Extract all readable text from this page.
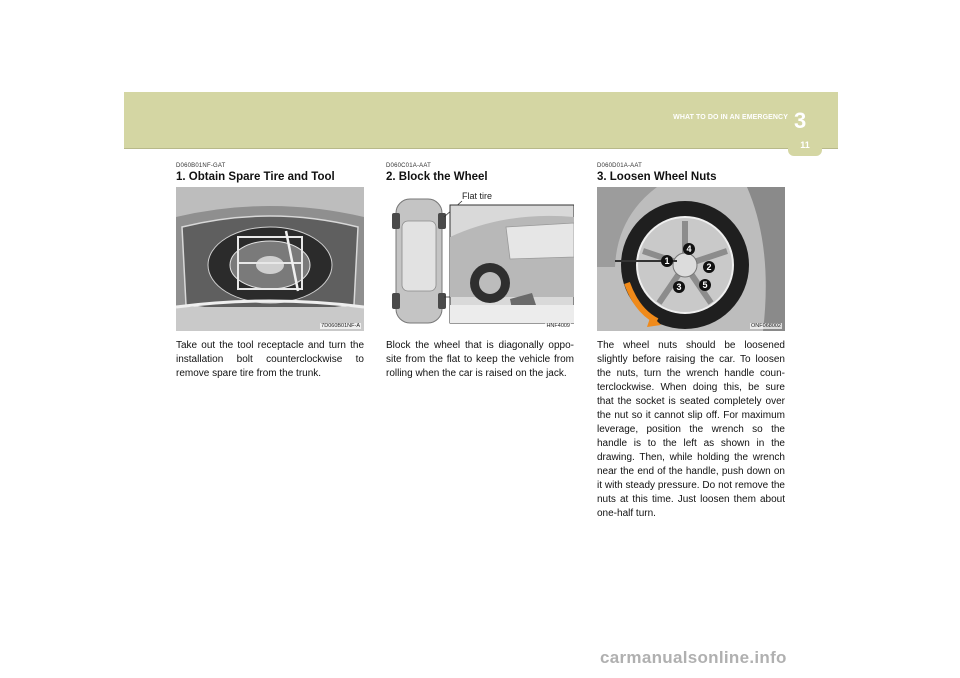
WHAT TO DO IN AN EMERGENCY 3
11
D060B01NF-GAT
1. Obtain Spare Tire and Tool
7D060B01NF-A
Take out the tool receptacle and turn the installation bolt counterclockwise to remove spare tire from the trunk.
D060C01A-AAT
2. Block the Wheel
Flat tire
HNF4009
Block the wheel that is diagonally oppo-site from the flat to keep the vehicle from rolling when the car is raised on the jack.
D060D01A-AAT
3. Loosen Wheel Nuts
1
2
3
4
5
ONF068002
The wheel nuts should be loosened slightly before raising the car. To loosen the nuts, turn the wrench handle coun-terclockwise. When doing this, be sure that the socket is seated completely over the nut so it cannot slip off. For maximum leverage, position the wrench so the handle is to the left as shown in the drawing. Then, while holding the wrench near the end of the handle, push down on it with steady pressure. Do not remove the nuts at this time. Just loosen them about one-half turn.
carmanualsonline.info
